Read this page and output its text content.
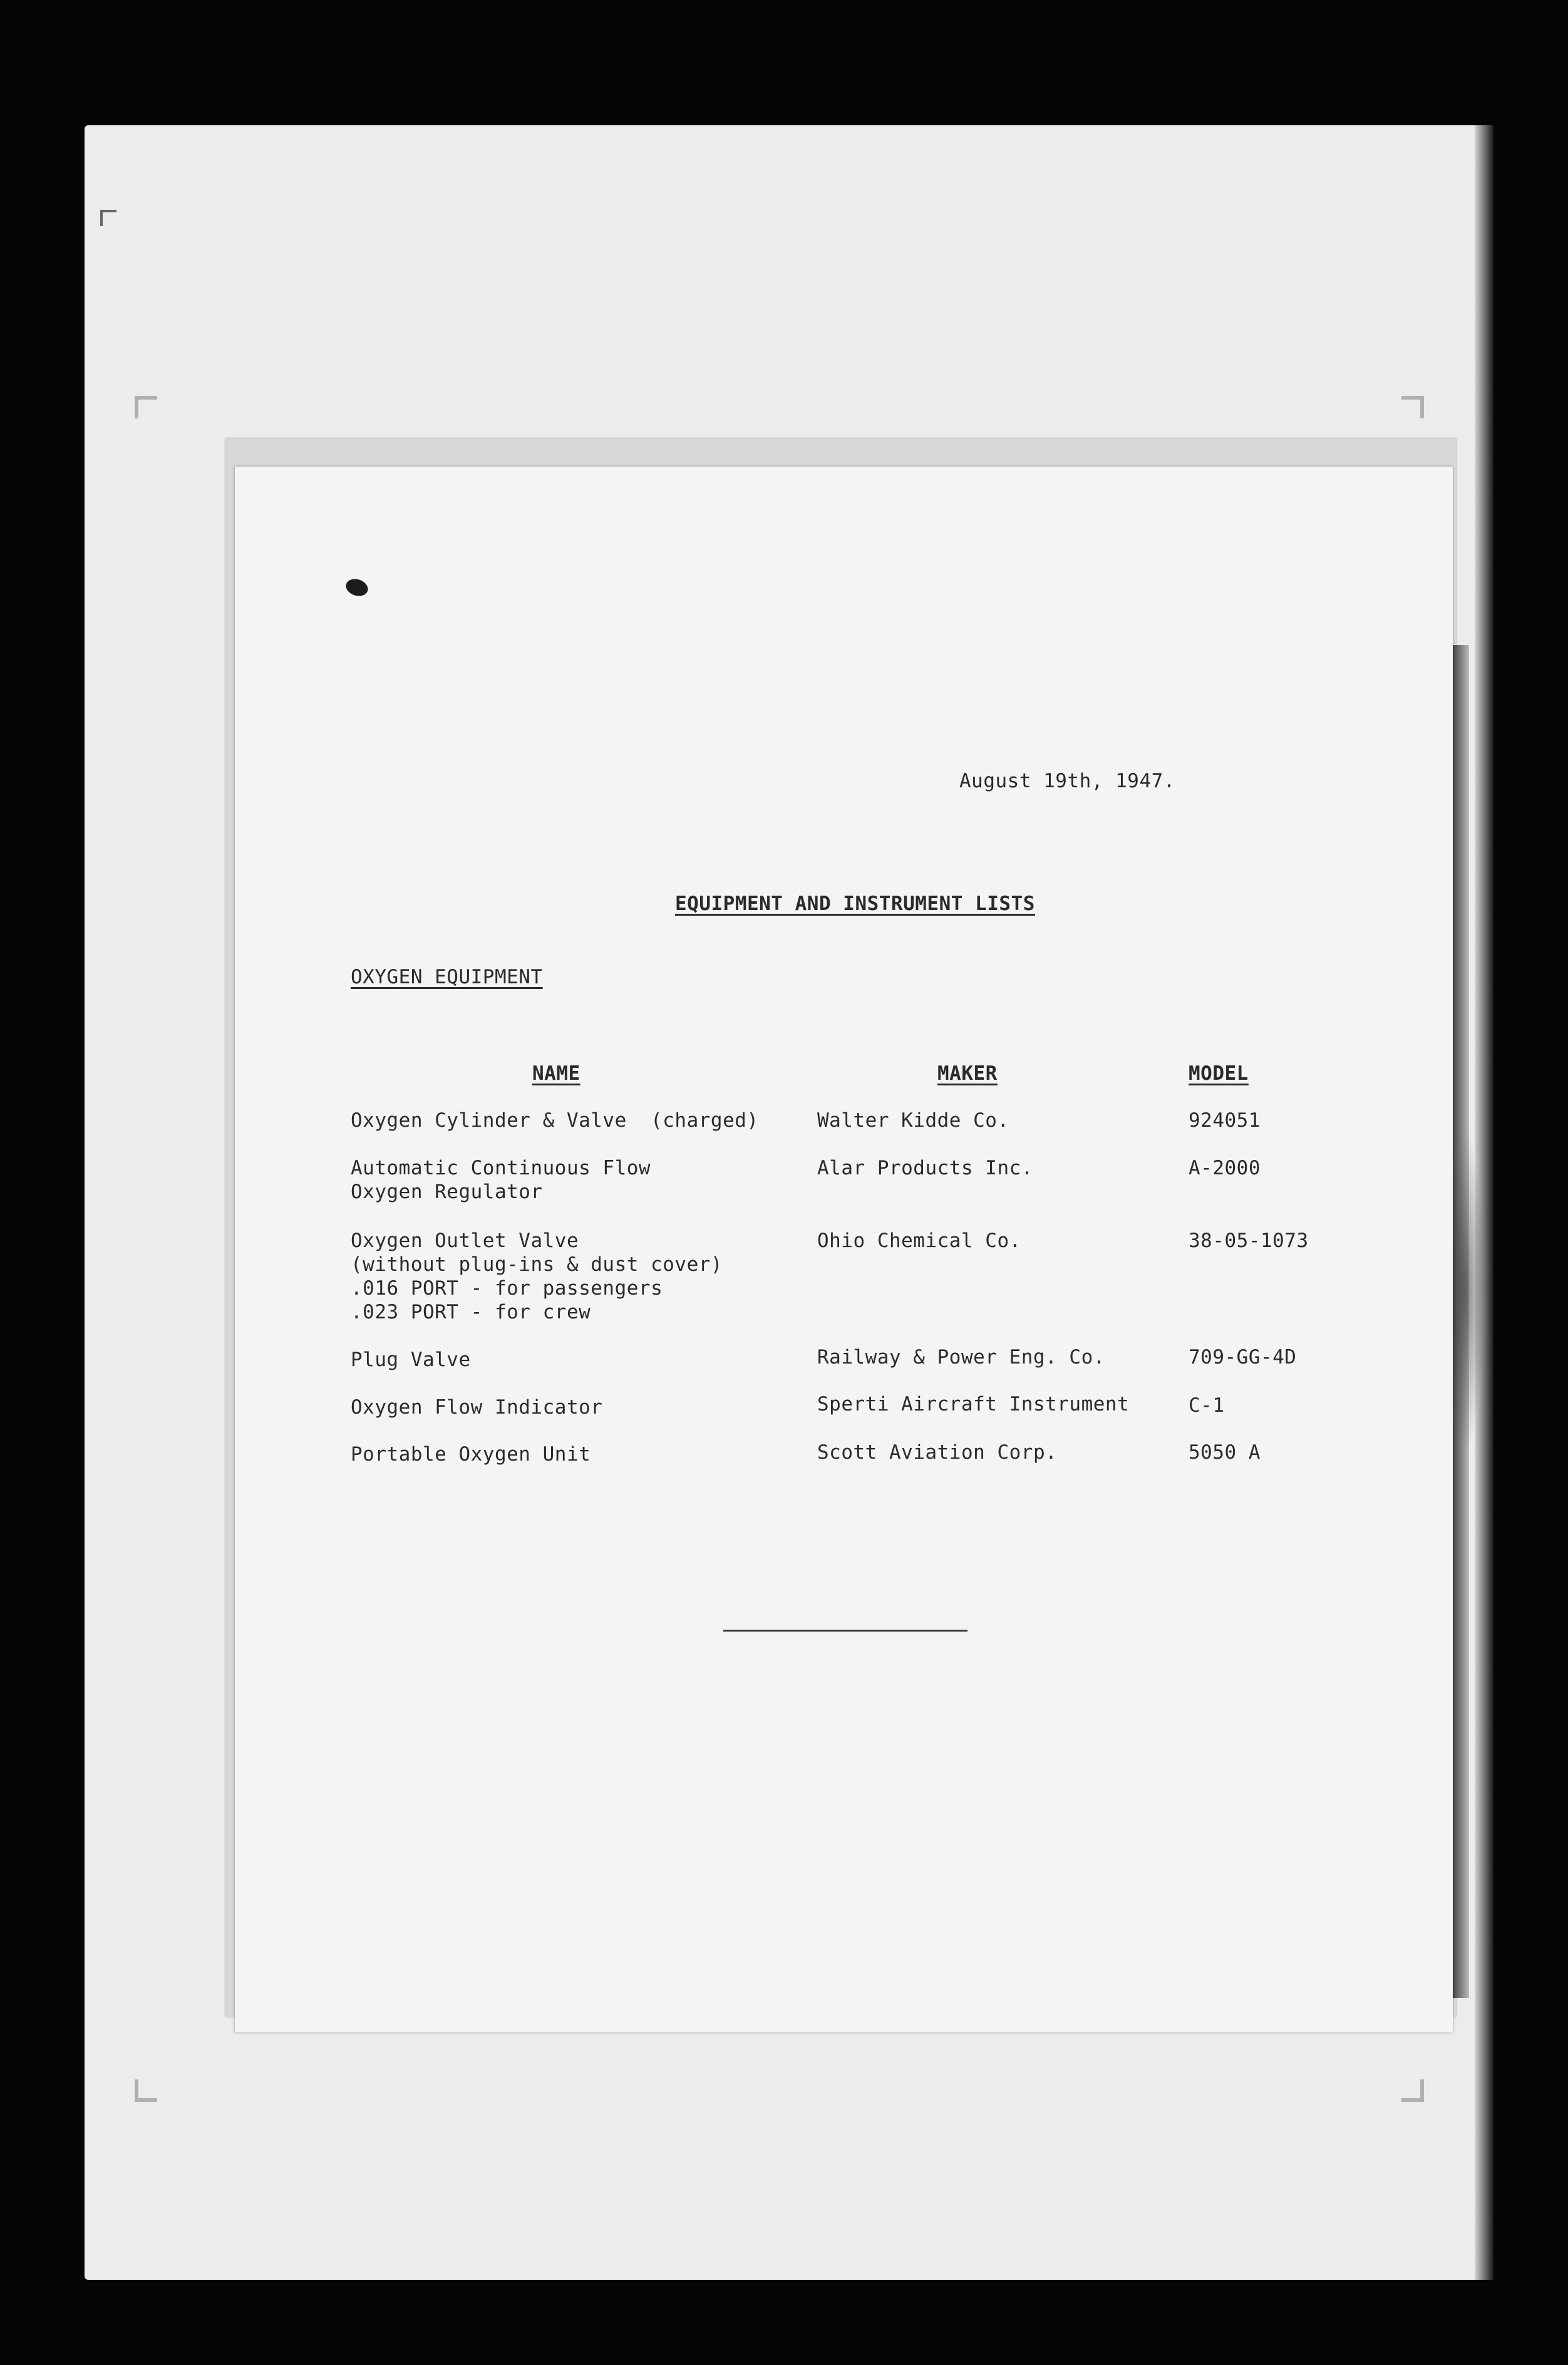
August 19th, 1947.
EQUIPMENT AND INSTRUMENT LISTS
OXYGEN EQUIPMENT
NAME	MAKER	MODEL
Oxygen Cylinder & Valve  (charged)	Walter Kidde Co.	924051
Automatic Continuous Flow
Oxygen Regulator
Alar Products Inc.	A-2000
Oxygen Outlet Valve
(without plug-ins & dust cover)
.016 PORT - for passengers
.023 PORT - for crew
Ohio Chemical Co.	38-05-1073
Plug Valve	Railway & Power Eng. Co.	709-GG-4D
Oxygen Flow Indicator	Sperti Aircraft Instrument	C-1
Portable Oxygen Unit	Scott Aviation Corp.	5050 A
